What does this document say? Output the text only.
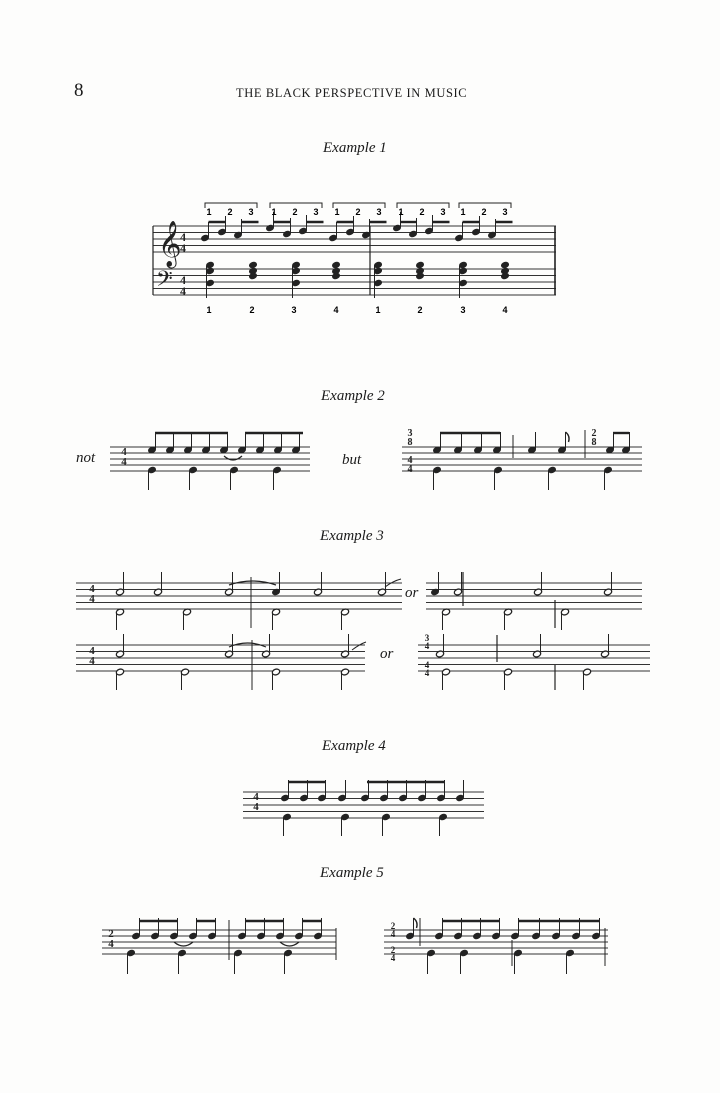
8	THE BLACK PERSPECTIVE IN MUSIC
Example 1
Example 2
Example 3
Example 4
Example 5
not	but
or
or
𝄞
𝄢
4
4
4
4
4
4
3
8
4
4
2
8
4
4
4
4
3
4
4
4
4
4
2
4
2
4
2
4
1 2 3 1 2 3 1 2 3 1 2 3 1 2 3
1	2	3	4	1	2	3	4
